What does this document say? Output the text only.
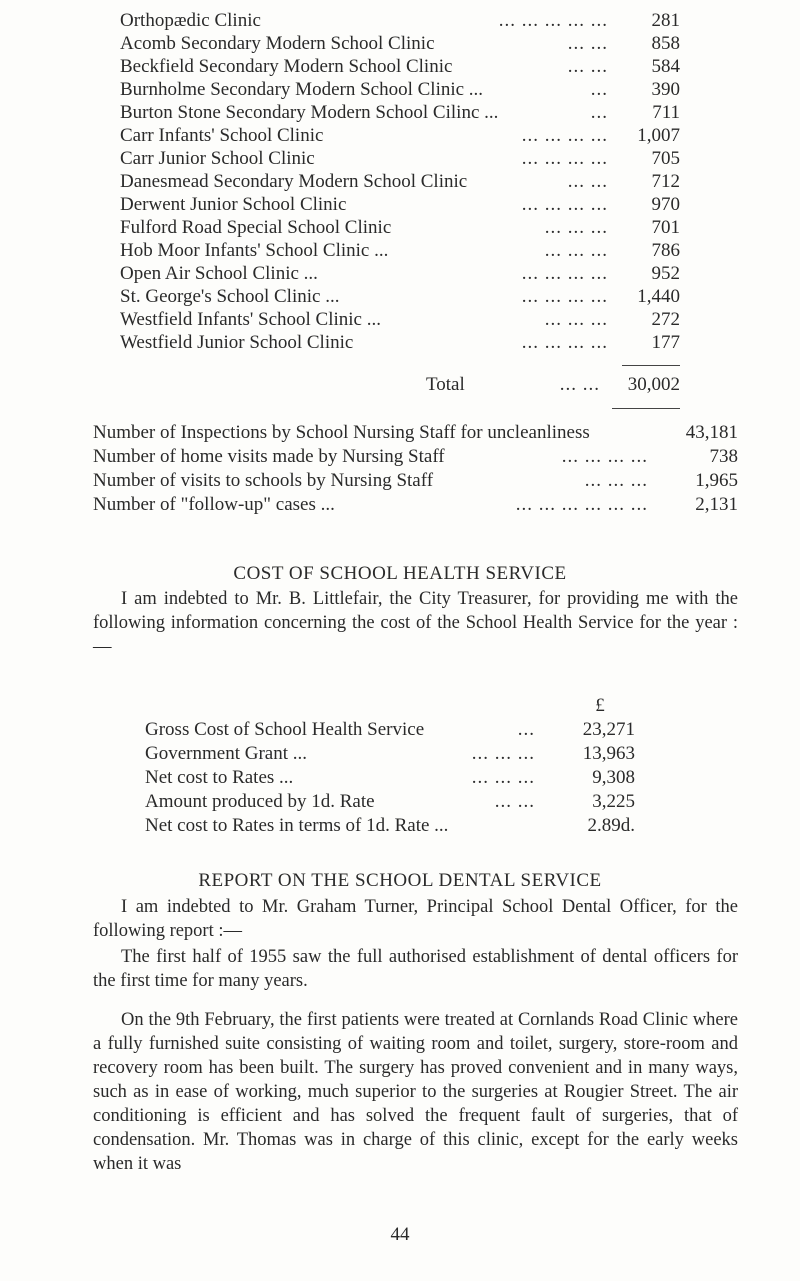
Orthopædic Clinic	... ... ... ... ...	281
Acomb Secondary Modern School Clinic	... ...	858
Beckfield Secondary Modern School Clinic	... ...	584
Burnholme Secondary Modern School Clinic ...	...	390
Burton Stone Secondary Modern School Cilinc ...	...	711
Carr Infants' School Clinic	... ... ... ...	1,007
Carr Junior School Clinic	... ... ... ...	705
Danesmead Secondary Modern School Clinic	... ...	712
Derwent Junior School Clinic	... ... ... ...	970
Fulford Road Special School Clinic	... ... ...	701
Hob Moor Infants' School Clinic ...	... ... ...	786
Open Air School Clinic ...	... ... ... ...	952
St. George's School Clinic ...	... ... ... ...	1,440
Westfield Infants' School Clinic ...	... ... ...	272
Westfield Junior School Clinic	... ... ... ...	177
Total	... ...	30,002
Number of Inspections by School Nursing Staff for uncleanliness	43,181
Number of home visits made by Nursing Staff	... ... ... ...	738
Number of visits to schools by Nursing Staff	... ... ...	1,965
Number of "follow-up" cases ...	... ... ... ... ... ...	2,131
COST OF SCHOOL HEALTH SERVICE

I am indebted to Mr. B. Littlefair, the City Treasurer, for providing me with the following information concerning the cost of the School Health Service for the year :—

£
Gross Cost of School Health Service	...	23,271
Government Grant ...	... ... ...	13,963
Net cost to Rates ...	... ... ...	9,308
Amount produced by 1d. Rate	... ...	3,225
Net cost to Rates in terms of 1d. Rate ...	2.89d.
REPORT ON THE SCHOOL DENTAL SERVICE

I am indebted to Mr. Graham Turner, Principal School Dental Officer, for the following report :—

The first half of 1955 saw the full authorised establishment of dental officers for the first time for many years.

On the 9th February, the first patients were treated at Cornlands Road Clinic where a fully furnished suite consisting of waiting room and toilet, surgery, store-room and recovery room has been built. The surgery has proved convenient and in many ways, such as in ease of working, much superior to the surgeries at Rougier Street. The air conditioning is efficient and has solved the frequent fault of surgeries, that of condensation. Mr. Thomas was in charge of this clinic, except for the early weeks when it was

44
